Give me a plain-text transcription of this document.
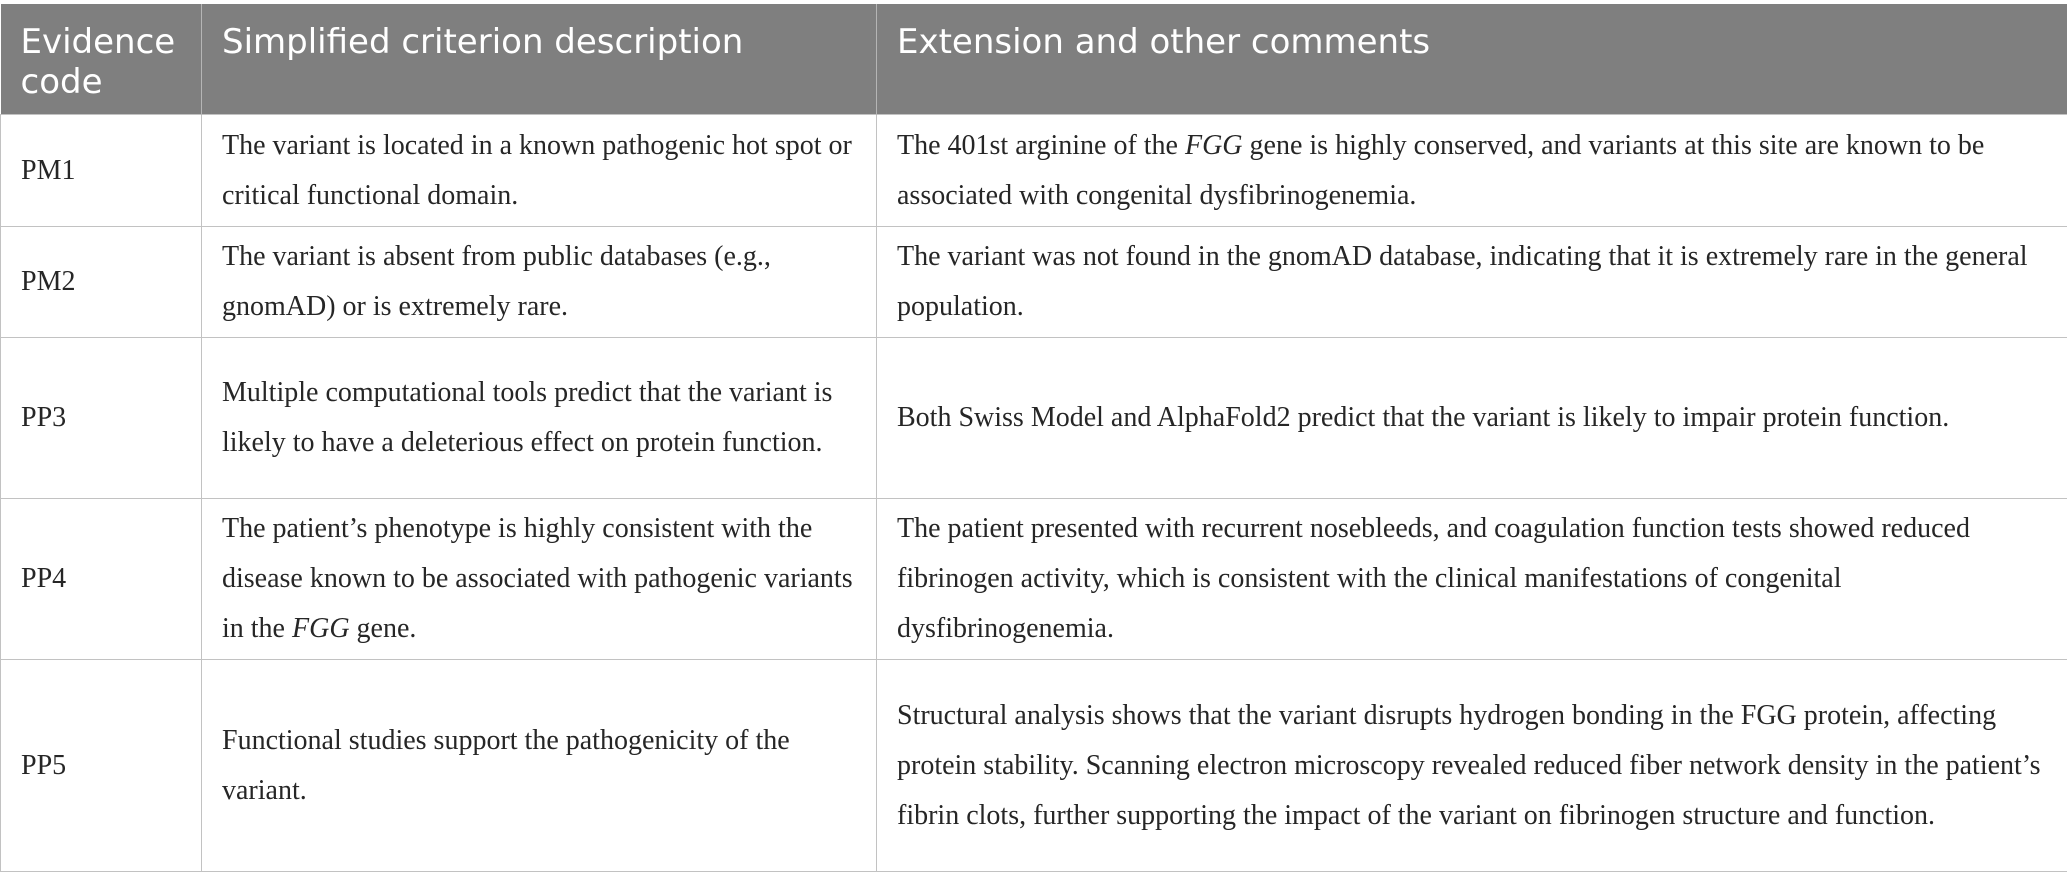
Evidence code	Simplified criterion description	Extension and other comments
PM1	The variant is located in a known pathogenic hot spot or critical functional domain.	The 401st arginine of the FGG gene is highly conserved, and variants at this site are known to be associated with congenital dysfibrinogenemia.
PM2	The variant is absent from public databases (e.g., gnomAD) or is extremely rare.	The variant was not found in the gnomAD database, indicating that it is extremely rare in the general population.
PP3	Multiple computational tools predict that the variant is likely to have a deleterious effect on protein function.	Both Swiss Model and AlphaFold2 predict that the variant is likely to impair protein function.
PP4	The patient’s phenotype is highly consistent with the disease known to be associated with pathogenic variants in the FGG gene.	The patient presented with recurrent nosebleeds, and coagulation function tests showed reduced fibrinogen activity, which is consistent with the clinical manifestations of congenital dysfibrinogenemia.
PP5	Functional studies support the pathogenicity of the variant.	Structural analysis shows that the variant disrupts hydrogen bonding in the FGG protein, affecting protein stability. Scanning electron microscopy revealed reduced fiber network density in the patient’s fibrin clots, further supporting the impact of the variant on fibrinogen structure and function.
